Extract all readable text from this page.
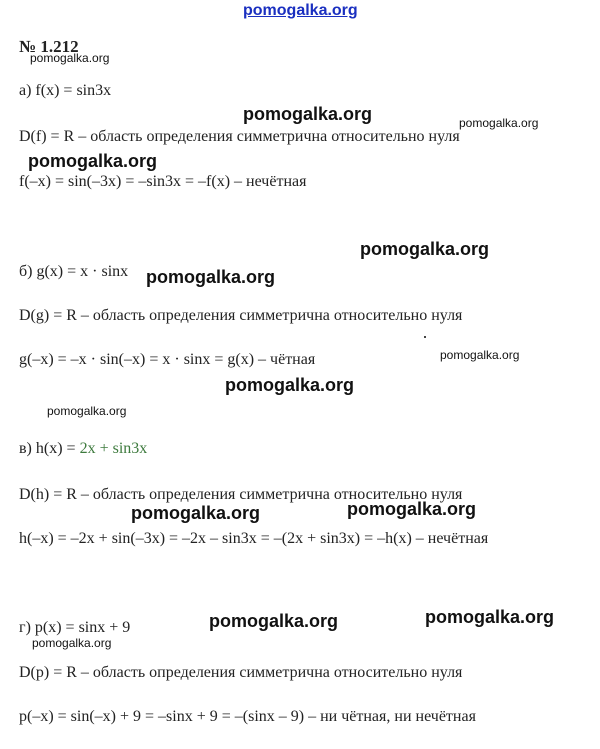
pomogalka.org
№ 1.212
а) f(x) = sin3x
D(f) = R – область определения симметрична относительно нуля
f(–x) = sin(–3x) = –sin3x = –f(x) – нечётная
б) g(x) = x · sinx
D(g) = R – область определения симметрична относительно нуля
g(–x) = –x · sin(–x) = x · sinx = g(x) – чётная
в) h(x) = 2x + sin3x
D(h) = R – область определения симметрична относительно нуля
h(–x) = –2x + sin(–3x) = –2x – sin3x = –(2x + sin3x) = –h(x) – нечётная
г) p(x) = sinx + 9
D(p) = R – область определения симметрична относительно нуля
p(–x) = sin(–x) + 9 = –sinx + 9 = –(sinx – 9) – ни чётная, ни нечётная
pomogalka.org
pomogalka.org	pomogalka.org
pomogalka.org
pomogalka.org
pomogalka.org
pomogalka.org
pomogalka.org
pomogalka.org
pomogalka.org	pomogalka.org
pomogalka.org	pomogalka.org
pomogalka.org
